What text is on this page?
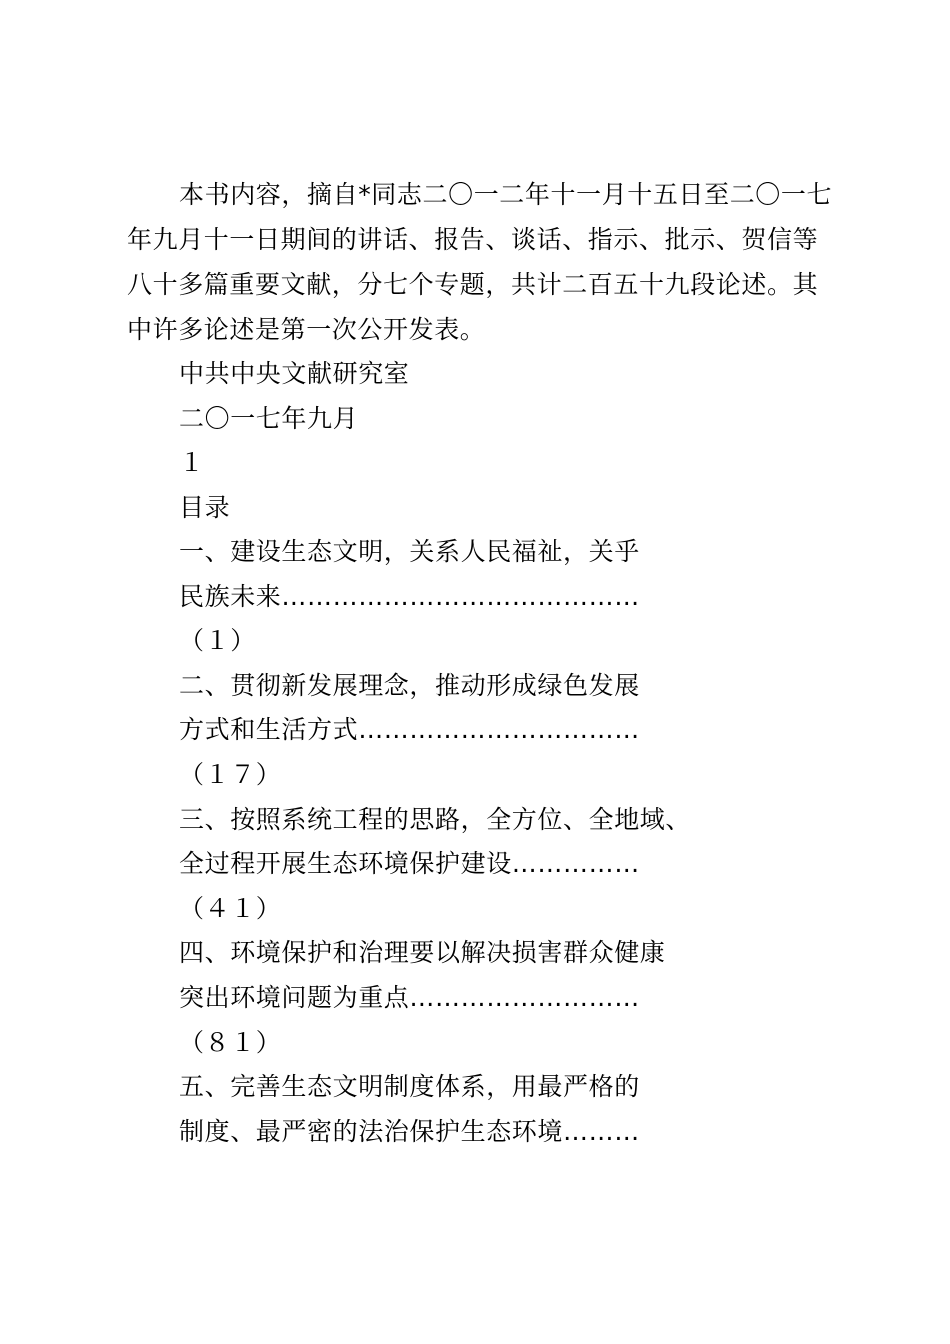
本书内容，摘自*同志二〇一二年十一月十五日至二〇一七
年九月十一日期间的讲话、报告、谈话、指示、批示、贺信等
八十多篇重要文献，分七个专题，共计二百五十九段论述。其
中许多论述是第一次公开发表。
中共中央文献研究室
二〇一七年九月
１
目录
一、建设生态文明，关系人民福祉，关乎
民族未来……………………………………
（１）
二、贯彻新发展理念，推动形成绿色发展
方式和生活方式……………………………
（１７）
三、按照系统工程的思路，全方位、全地域、
全过程开展生态环境保护建设……………
（４１）
四、环境保护和治理要以解决损害群众健康
突出环境问题为重点………………………
（８１）
五、完善生态文明制度体系，用最严格的
制度、最严密的法治保护生态环境………
